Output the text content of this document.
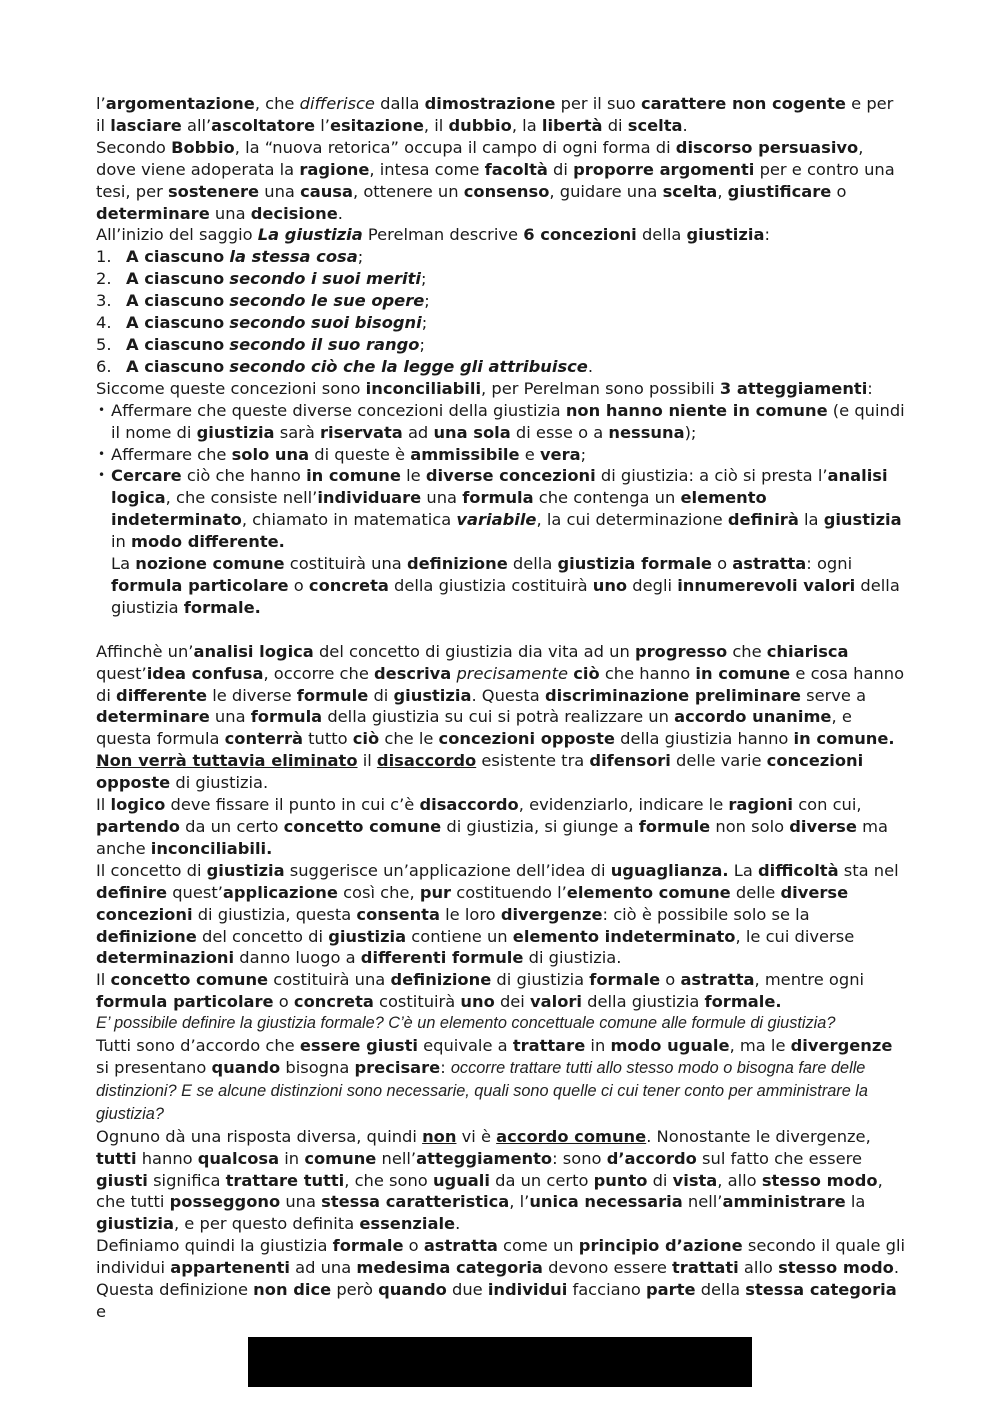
l’argomentazione, che differisce dalla dimostrazione per il suo carattere non cogente e per il lasciare all’ascoltatore l’esitazione, il dubbio, la libertà di scelta.

Secondo Bobbio, la “nuova retorica” occupa il campo di ogni forma di discorso persuasivo, dove viene adoperata la ragione, intesa come facoltà di proporre argomenti per e contro una tesi, per sostenere una causa, ottenere un consenso, guidare una scelta, giustificare o determinare una decisione.

All’inizio del saggio La giustizia Perelman descrive 6 concezioni della giustizia:

1. A ciascuno la stessa cosa;
2. A ciascuno secondo i suoi meriti;
3. A ciascuno secondo le sue opere;
4. A ciascuno secondo suoi bisogni;
5. A ciascuno secondo il suo rango;
6. A ciascuno secondo ciò che la legge gli attribuisce.

Siccome queste concezioni sono inconciliabili, per Perelman sono possibili 3 atteggiamenti:

• Affermare che queste diverse concezioni della giustizia non hanno niente in comune (e quindi il nome di giustizia sarà riservata ad una sola di esse o a nessuna);
• Affermare che solo una di queste è ammissibile e vera;
• Cercare ciò che hanno in comune le diverse concezioni di giustizia: a ciò si presta l’analisi logica, che consiste nell’individuare una formula che contenga un elemento indeterminato, chiamato in matematica variabile, la cui determinazione definirà la giustizia in modo differente.

La nozione comune costituirà una definizione della giustizia formale o astratta: ogni formula particolare o concreta della giustizia costituirà uno degli innumerevoli valori della giustizia formale.

Affinchè un’analisi logica del concetto di giustizia dia vita ad un progresso che chiarisca quest’idea confusa, occorre che descriva precisamente ciò che hanno in comune e cosa hanno di differente le diverse formule di giustizia. Questa discriminazione preliminare serve a determinare una formula della giustizia su cui si potrà realizzare un accordo unanime, e questa formula conterrà tutto ciò che le concezioni opposte della giustizia hanno in comune. Non verrà tuttavia eliminato il disaccordo esistente tra difensori delle varie concezioni opposte di giustizia.

Il logico deve fissare il punto in cui c’è disaccordo, evidenziarlo, indicare le ragioni con cui, partendo da un certo concetto comune di giustizia, si giunge a formule non solo diverse ma anche inconciliabili.

Il concetto di giustizia suggerisce un’applicazione dell’idea di uguaglianza. La difficoltà sta nel definire quest’applicazione così che, pur costituendo l’elemento comune delle diverse concezioni di giustizia, questa consenta le loro divergenze: ciò è possibile solo se la definizione del concetto di giustizia contiene un elemento indeterminato, le cui diverse determinazioni danno luogo a differenti formule di giustizia.

Il concetto comune costituirà una definizione di giustizia formale o astratta, mentre ogni formula particolare o concreta costituirà uno dei valori della giustizia formale.

E’ possibile definire la giustizia formale? C’è un elemento concettuale comune alle formule di giustizia?

Tutti sono d’accordo che essere giusti equivale a trattare in modo uguale, ma le divergenze si presentano quando bisogna precisare: occorre trattare tutti allo stesso modo o bisogna fare delle distinzioni? E se alcune distinzioni sono necessarie, quali sono quelle ci cui tener conto per amministrare la giustizia?

Ognuno dà una risposta diversa, quindi non vi è accordo comune. Nonostante le divergenze, tutti hanno qualcosa in comune nell’atteggiamento: sono d’accordo sul fatto che essere giusti significa trattare tutti, che sono uguali da un certo punto di vista, allo stesso modo, che tutti posseggono una stessa caratteristica, l’unica necessaria nell’amministrare la giustizia, e per questo definita essenziale.

Definiamo quindi la giustizia formale o astratta come un principio d’azione secondo il quale gli individui appartenenti ad una medesima categoria devono essere trattati allo stesso modo.

Questa definizione non dice però quando due individui facciano parte della stessa categoria e
